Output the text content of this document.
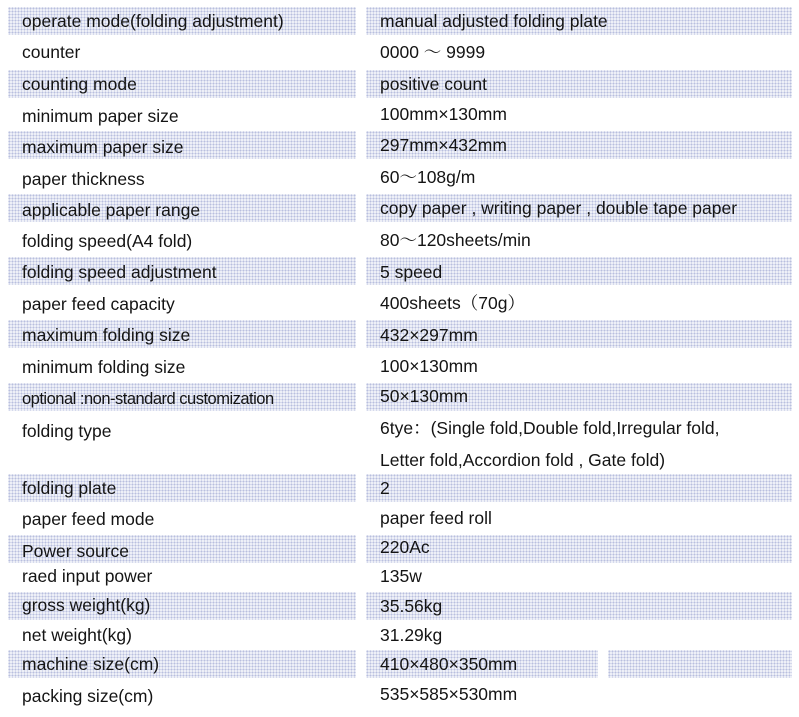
operate mode(folding adjustment)	manual adjusted folding plate
counter	0000 ～ 9999
counting mode	positive count
minimum paper size	100mm×130mm
maximum paper size	297mm×432mm
paper thickness	60～108g/m
applicable paper range	copy paper , writing paper , double tape paper
folding speed(A4 fold)	80～120sheets/min
folding speed adjustment	5 speed
paper feed capacity	400sheets（70g）
maximum folding size	432×297mm
minimum folding size	100×130mm
optional :non-standard customization	50×130mm
folding type	6tye：(Single fold,Double fold,Irregular fold,
Letter fold,Accordion fold , Gate fold)
folding plate	2
paper feed mode	paper feed roll
Power source	220Ac
raed input power	135w
gross weight(kg)	35.56kg
net weight(kg)	31.29kg
machine size(cm)	410×480×350mm
packing size(cm)	535×585×530mm
